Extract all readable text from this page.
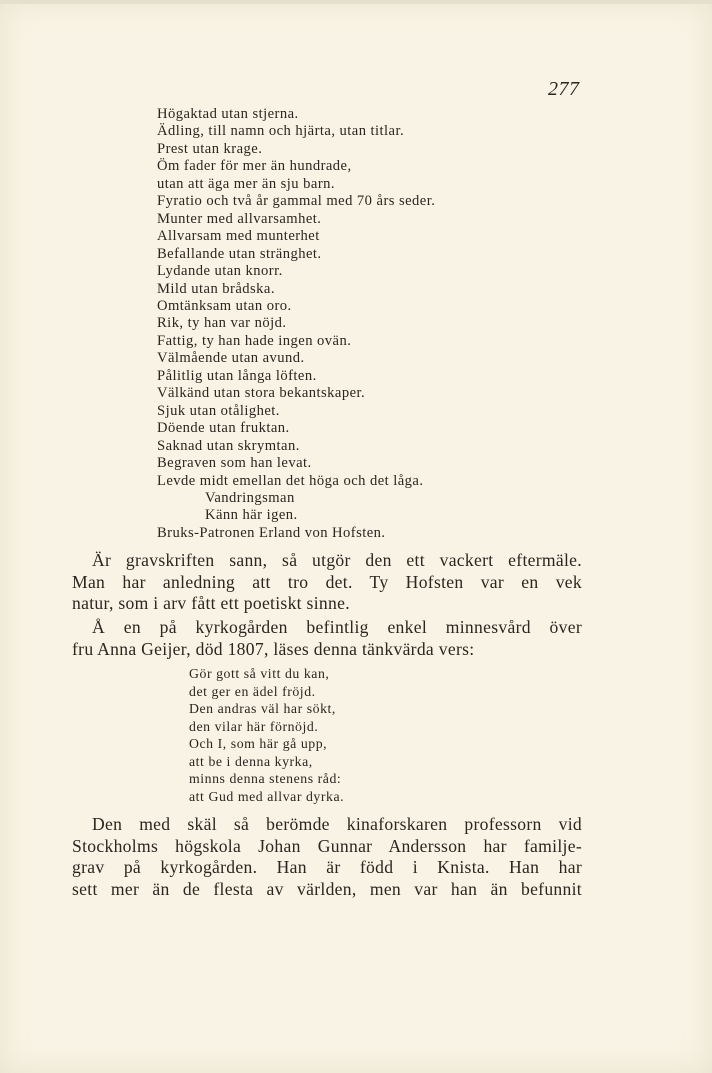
277
Högaktad utan stjerna.
Ädling, till namn och hjärta, utan titlar.
Prest utan krage.
Öm fader för mer än hundrade,
utan att äga mer än sju barn.
Fyratio och två år gammal med 70 års seder.
Munter med allvarsamhet.
Allvarsam med munterhet
Befallande utan stränghet.
Lydande utan knorr.
Mild utan brådska.
Omtänksam utan oro.
Rik, ty han var nöjd.
Fattig, ty han hade ingen ovän.
Välmående utan avund.
Pålitlig utan långa löften.
Välkänd utan stora bekantskaper.
Sjuk utan otålighet.
Döende utan fruktan.
Saknad utan skrymtan.
Begraven som han levat.
Levde midt emellan det höga och det låga.
Vandringsman
Känn här igen.
Bruks-Patronen Erland von Hofsten.
Är gravskriften sann, så utgör den ett vackert eftermäle.
Man har anledning att tro det. Ty Hofsten var en vek
natur, som i arv fått ett poetiskt sinne.
Å en på kyrkogården befintlig enkel minnesvård över
fru Anna Geijer, död 1807, läses denna tänkvärda vers:
Gör gott så vitt du kan,
det ger en ädel fröjd.
Den andras väl har sökt,
den vilar här förnöjd.
Och I, som här gå upp,
att be i denna kyrka,
minns denna stenens råd:
att Gud med allvar dyrka.
Den med skäl så berömde kinaforskaren professorn vid
Stockholms högskola Johan Gunnar Andersson har familje-
grav på kyrkogården. Han är född i Knista. Han har
sett mer än de flesta av världen, men var han än befunnit
